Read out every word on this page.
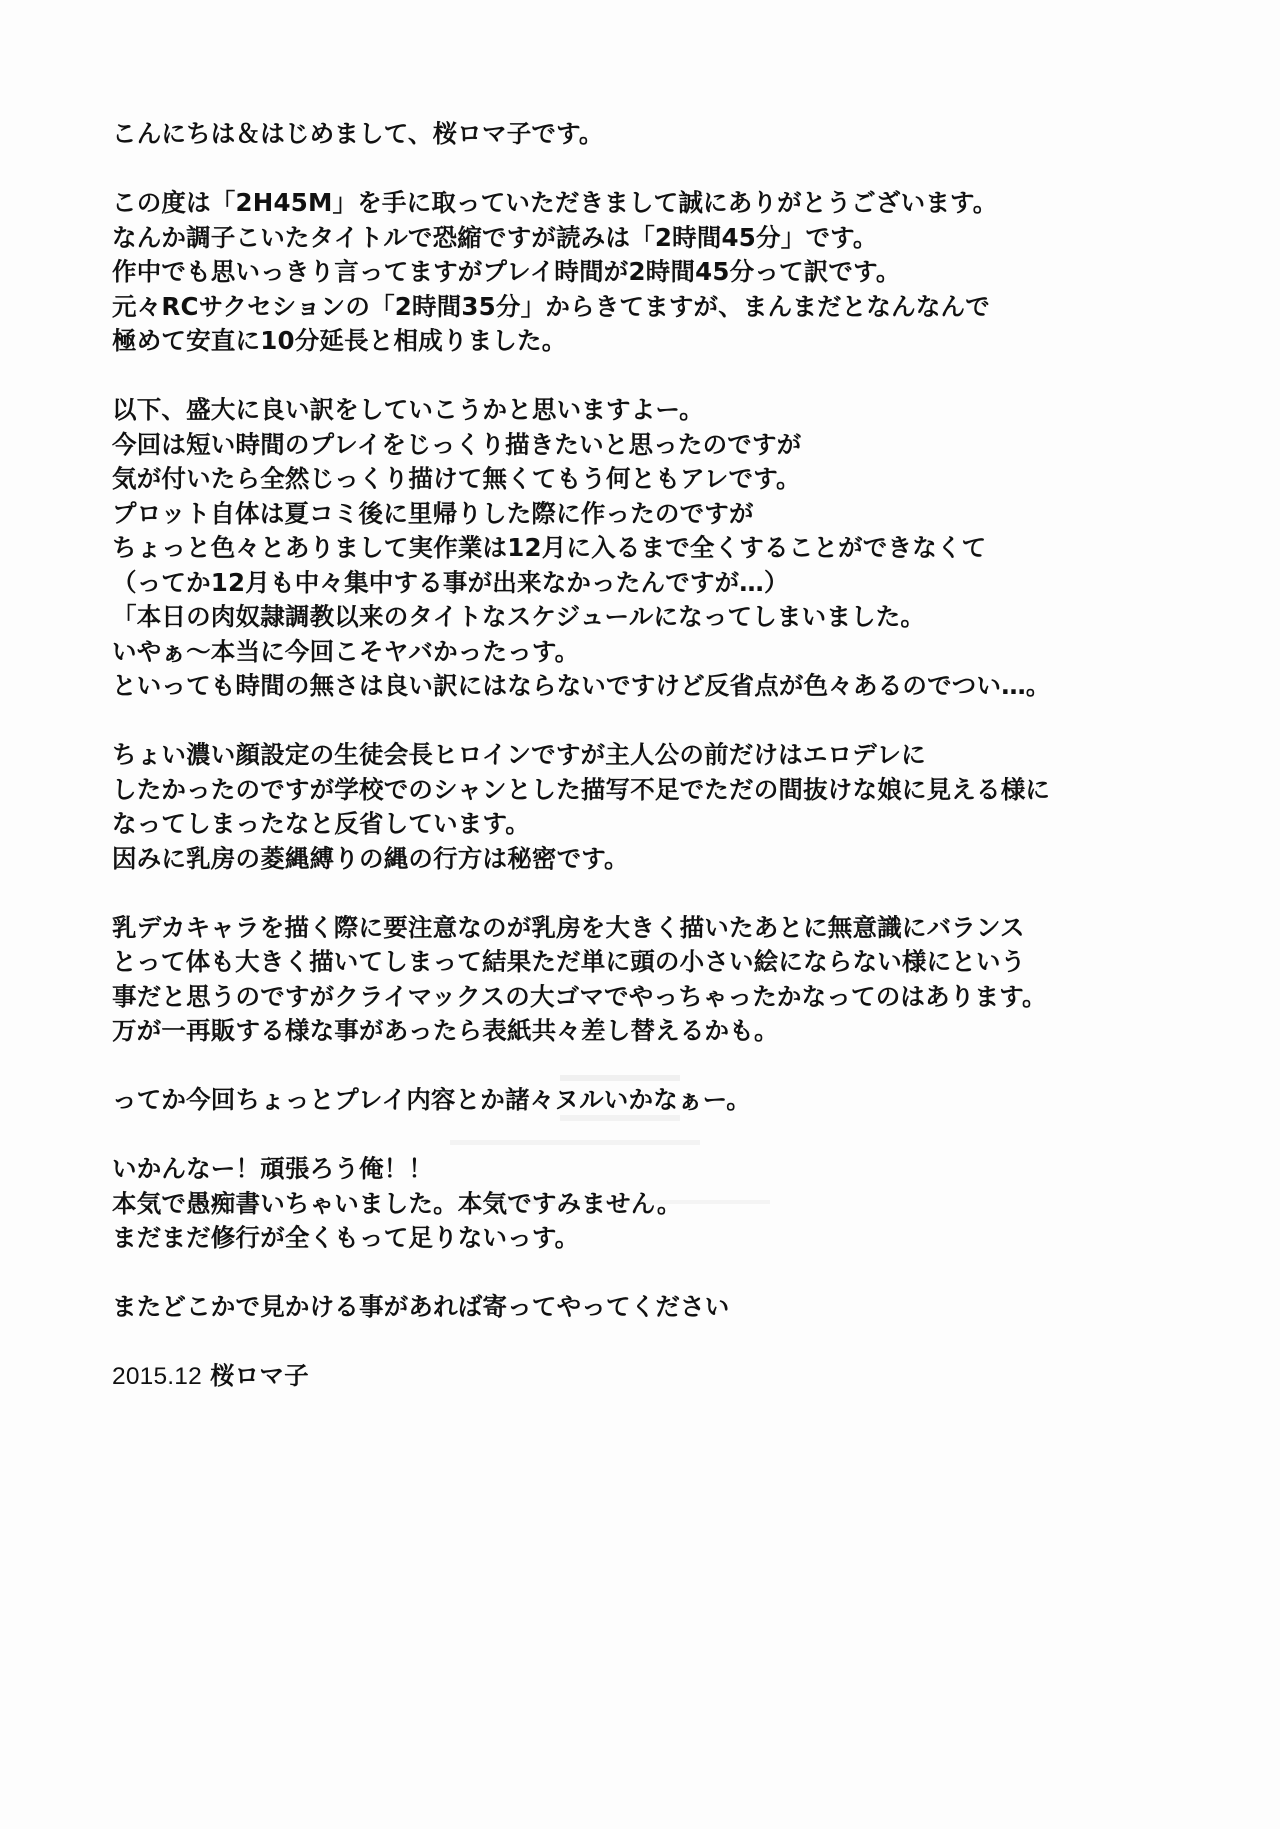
こんにちは＆はじめまして、桜ロマ子です。

この度は「2H45M」を手に取っていただきまして誠にありがとうございます。
なんか調子こいたタイトルで恐縮ですが読みは「2時間45分」です。
作中でも思いっきり言ってますがプレイ時間が2時間45分って訳です。
元々RCサクセションの「2時間35分」からきてますが、まんまだとなんなんで
極めて安直に10分延長と相成りました。

以下、盛大に良い訳をしていこうかと思いますよー。
今回は短い時間のプレイをじっくり描きたいと思ったのですが
気が付いたら全然じっくり描けて無くてもう何ともアレです。
プロット自体は夏コミ後に里帰りした際に作ったのですが
ちょっと色々とありまして実作業は12月に入るまで全くすることができなくて
（ってか12月も中々集中する事が出来なかったんですが…）
「本日の肉奴隷調教以来のタイトなスケジュールになってしまいました。
いやぁ～本当に今回こそヤバかったっす。
といっても時間の無さは良い訳にはならないですけど反省点が色々あるのでつい…。

ちょい濃い顔設定の生徒会長ヒロインですが主人公の前だけはエロデレに
したかったのですが学校でのシャンとした描写不足でただの間抜けな娘に見える様に
なってしまったなと反省しています。
因みに乳房の菱縄縛りの縄の行方は秘密です。

乳デカキャラを描く際に要注意なのが乳房を大きく描いたあとに無意識にバランス
とって体も大きく描いてしまって結果ただ単に頭の小さい絵にならない様にという
事だと思うのですがクライマックスの大ゴマでやっちゃったかなってのはあります。
万が一再販する様な事があったら表紙共々差し替えるかも。

ってか今回ちょっとプレイ内容とか諸々ヌルいかなぁー。

いかんなー！頑張ろう俺！！
本気で愚痴書いちゃいました。本気ですみません。
まだまだ修行が全くもって足りないっす。

またどこかで見かける事があれば寄ってやってください

2015.12 桜ロマ子
